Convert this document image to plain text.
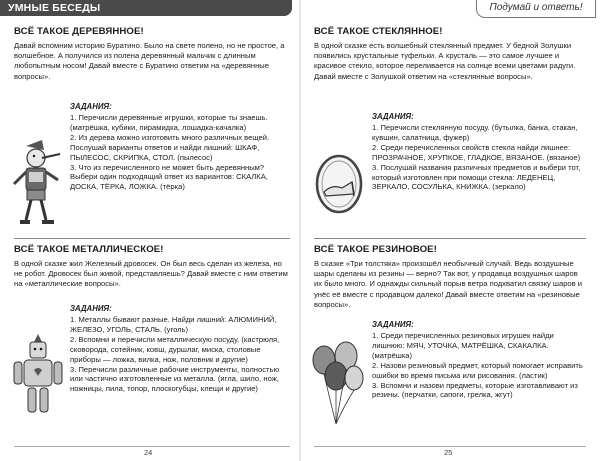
УМНЫЕ БЕСЕДЫ
ВСЁ ТАКОЕ ДЕРЕВЯННОЕ!
Давай вспомним историю Буратино. Было на свете полено, но не простое, а волшебное. А получился из полена деревянный мальчик с длинным любопытным носом! Давай вместе с Буратино ответим на «деревянные вопросы».
ЗАДАНИЯ:
1. Перечисли деревянные игрушки, которые ты знаешь. (матрёшка, кубики, пирамидка, лошадка-качалка)
2. Из дерева можно изготовить много различных вещей. Послушай варианты ответов и найди лишний: ШКАФ, ПЫЛЕСОС, СКРИПКА, СТОЛ. (пылесос)
3. Что из перечисленного не может быть деревянным? Выбери один подходящий ответ из вариантов: СКАЛКА, ДОСКА, ТЁРКА, ЛОЖКА. (тёрка)
ВСЁ ТАКОЕ МЕТАЛЛИЧЕСКОЕ!
В одной сказке жил Железный дровосек. Он был весь сделан из железа, но не робот. Дровосек был живой, представляешь? Давай вместе с ним ответим на «металлические вопросы».
ЗАДАНИЯ:
1. Металлы бывают разные. Найди лишний: АЛЮМИНИЙ, ЖЕЛЕЗО, УГОЛЬ, СТАЛЬ. (уголь)
2. Вспомни и перечисли металлическую посуду. (кастрюля, сковорода, сотейник, ковш, дуршлаг, миска, столовые приборы — ложка, вилка, нож, половник и другие)
3. Перечисли различные рабочие инструменты, полностью или частично изготовленные из металла. (игла, шило, нож, ножницы, пила, топор, плоскогубцы, клещи и другие)
24
Подумай и ответь!
ВСЁ ТАКОЕ СТЕКЛЯННОЕ!
В одной сказке есть волшебный стеклянный предмет. У бедной Золушки появились хрустальные туфельки. А хрусталь — это самое лучшее и красивое стекло, которое переливается на солнце всеми цветами радуги. Давай вместе с Золушкой ответим на «стеклянные вопросы».
ЗАДАНИЯ:
1. Перечисли стеклянную посуду. (бутылка, банка, стакан, кувшин, салатница, фужер)
2. Среди перечисленных свойств стекла найди лишнее: ПРОЗРАЧНОЕ, ХРУПКОЕ, ГЛАДКОЕ, ВЯЗАНОЕ. (вязаное)
3. Послушай названия различных предметов и выбери тот, который изготовлен при помощи стекла: ЛЕДЕНЕЦ, ЗЕРКАЛО, СОСУЛЬКА, КНИЖКА. (зеркало)
ВСЁ ТАКОЕ РЕЗИНОВОЕ!
В сказке «Три толстяка» произошёл необычный случай. Ведь воздушные шары сделаны из резины — верно? Так вот, у продавца воздушных шаров их было много. И однажды сильный порыв ветра подхватил связку шаров и унёс её вместе с продавцом далеко! Давай вместе ответим на «резиновые вопросы».
ЗАДАНИЯ:
1. Среди перечисленных резиновых игрушек найди лишнюю: МЯЧ, УТОЧКА, МАТРЁШКА, СКАКАЛКА. (матрёшка)
2. Назови резиновый предмет, который помогает исправить ошибки во время письма или рисования. (ластик)
3. Вспомни и назови предметы, которые изготавливают из резины. (перчатки, сапоги, грелка, жгут)
25
